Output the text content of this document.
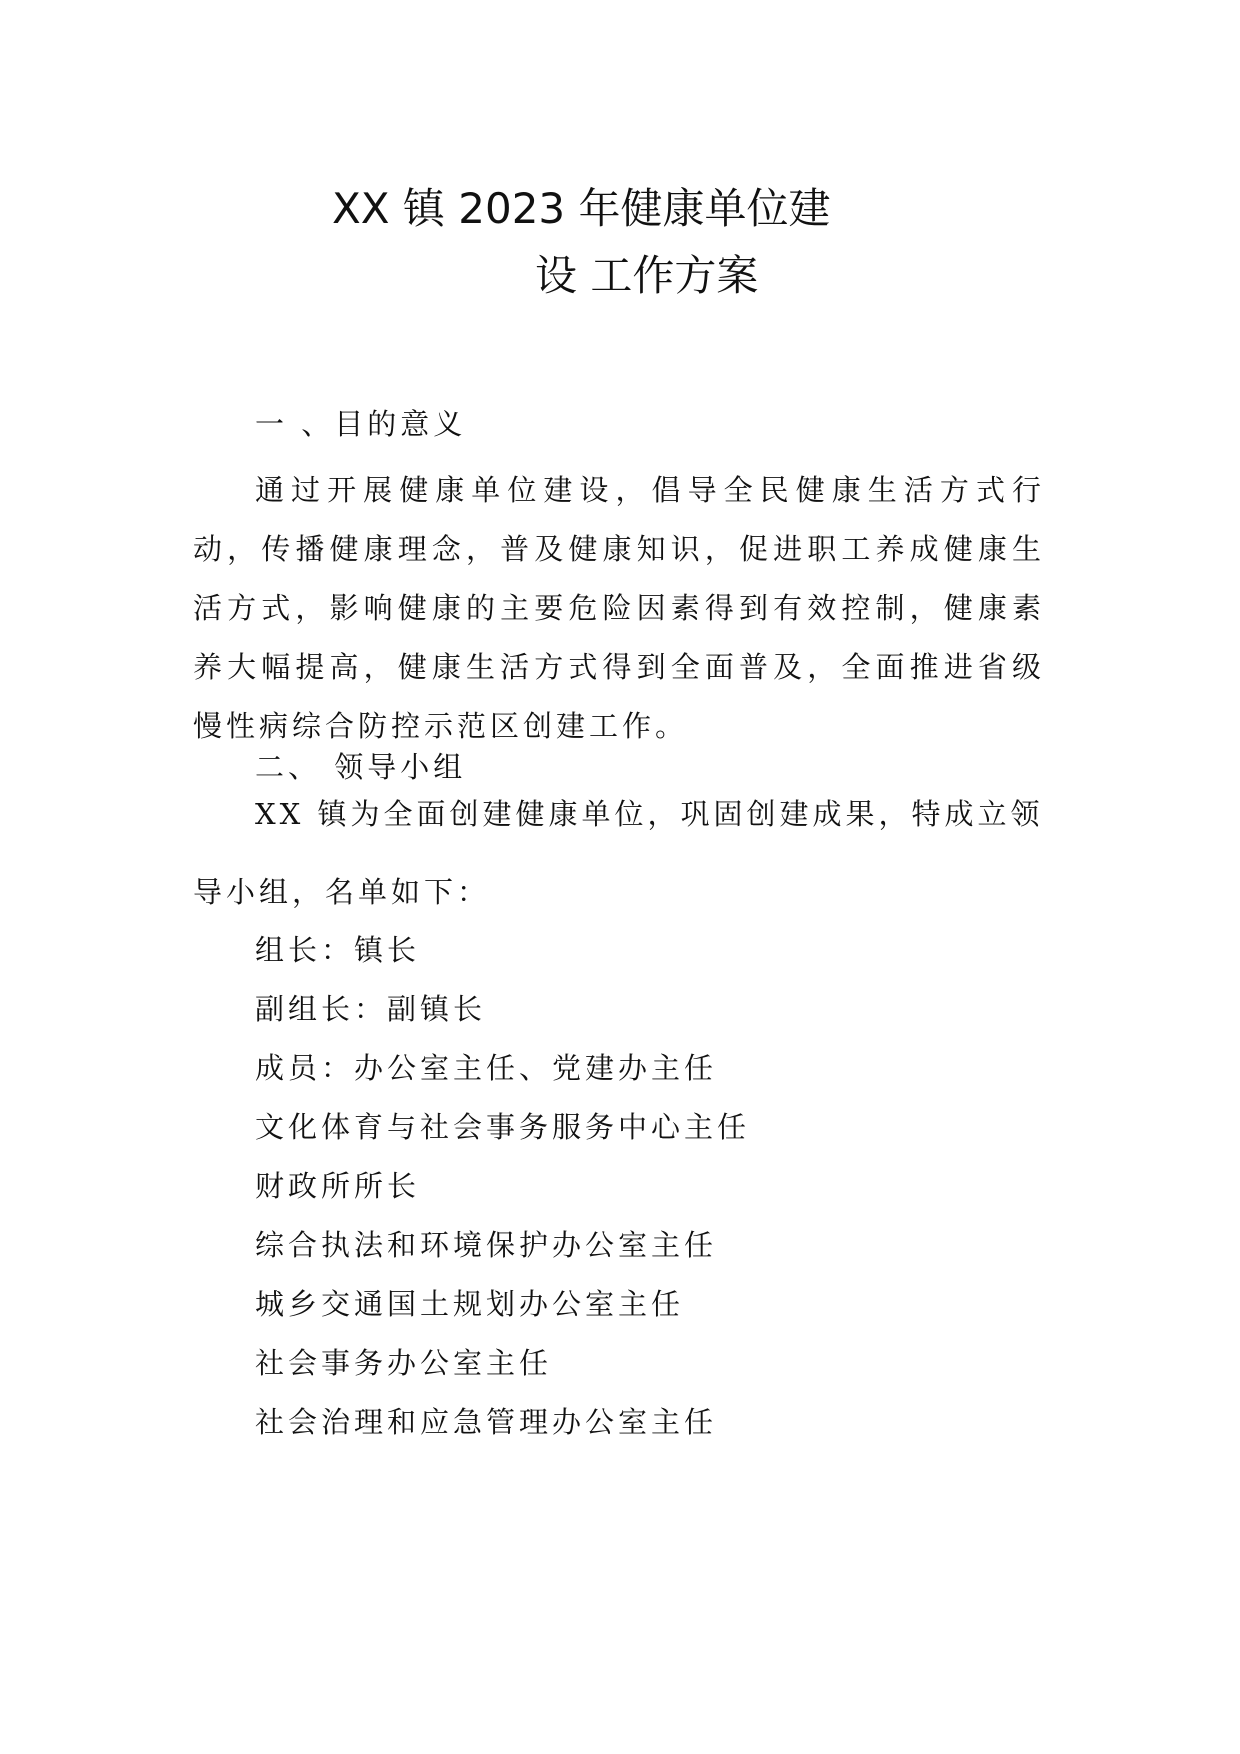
XX 镇 2023 年健康单位建
设 工作方案
一 、目的意义
通过开展健康单位建设，倡导全民健康生活方式行动，传播健康理念，普及健康知识，促进职工养成健康生活方式，影响健康的主要危险因素得到有效控制，健康素养大幅提高，健康生活方式得到全面普及，全面推进省级慢性病综合防控示范区创建工作。
二、 领导小组
XX 镇为全面创建健康单位，巩固创建成果，特成立领导小组，名单如下：
组长：镇长
副组长：副镇长
成员：办公室主任、党建办主任
文化体育与社会事务服务中心主任
财政所所长
综合执法和环境保护办公室主任
城乡交通国土规划办公室主任
社会事务办公室主任
社会治理和应急管理办公室主任
